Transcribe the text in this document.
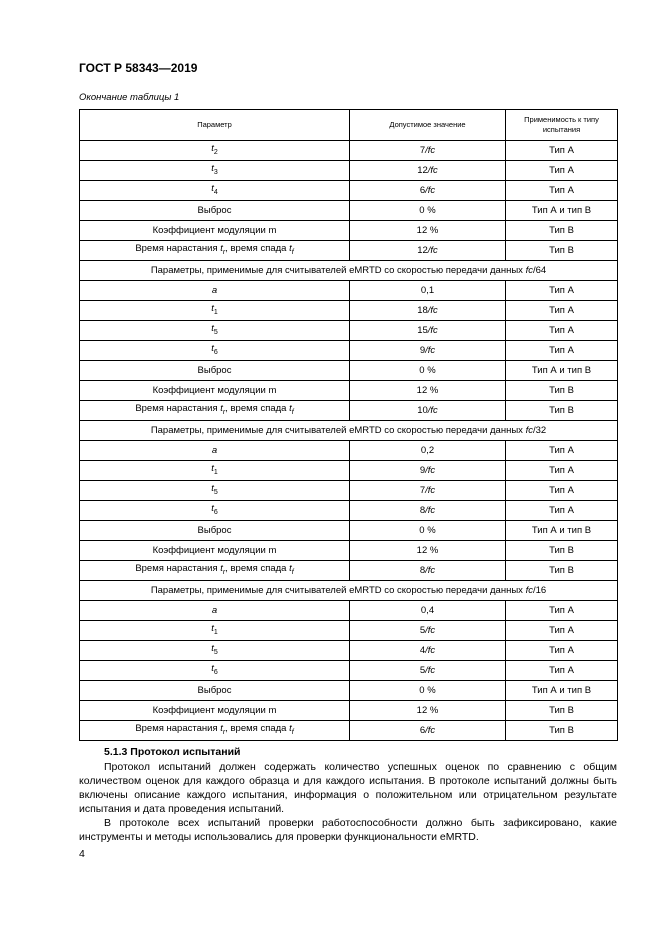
ГОСТ Р 58343—2019

Окончание таблицы 1

Параметр	Допустимое значение	Применимость к типу испытания
$t_2$	7/fc	Тип А
$t_3$	12/fc	Тип А
$t_4$	6/fc	Тип А
Выброс	0 %	Тип А и тип В
Коэффициент модуляции m	12 %	Тип В
Время нарастания $t_r$, время спада $t_f$	12/fc	Тип В
Параметры, применимые для считывателей eMRTD со скоростью передачи данных fc/64		
a	0,1	Тип А
$t_1$	18/fc	Тип А
$t_5$	15/fc	Тип А
$t_6$	9/fc	Тип А
Выброс	0 %	Тип А и тип В
Коэффициент модуляции m	12 %	Тип В
Время нарастания $t_r$, время спада $t_f$	10/fc	Тип В
Параметры, применимые для считывателей eMRTD со скоростью передачи данных fc/32		
a	0,2	Тип А
$t_1$	9/fc	Тип А
$t_5$	7/fc	Тип А
$t_6$	8/fc	Тип А
Выброс	0 %	Тип А и тип В
Коэффициент модуляции m	12 %	Тип В
Время нарастания $t_r$, время спада $t_f$	8/fc	Тип В
Параметры, применимые для считывателей eMRTD со скоростью передачи данных fc/16		
a	0,4	Тип А
$t_1$	5/fc	Тип А
$t_5$	4/fc	Тип А
$t_6$	5/fc	Тип А
Выброс	0 %	Тип А и тип В
Коэффициент модуляции m	12 %	Тип В
Время нарастания $t_r$, время спада $t_f$	6/fc	Тип В

5.1.3 Протокол испытаний

Протокол испытаний должен содержать количество успешных оценок по сравнению с общим количеством оценок для каждого образца и для каждого испытания. В протоколе испытаний должны быть включены описание каждого испытания, информация о положительном или отрицательном результате испытания и дата проведения испытаний.

В протоколе всех испытаний проверки работоспособности должно быть зафиксировано, какие инструменты и методы использовались для проверки функциональности eMRTD.

4
